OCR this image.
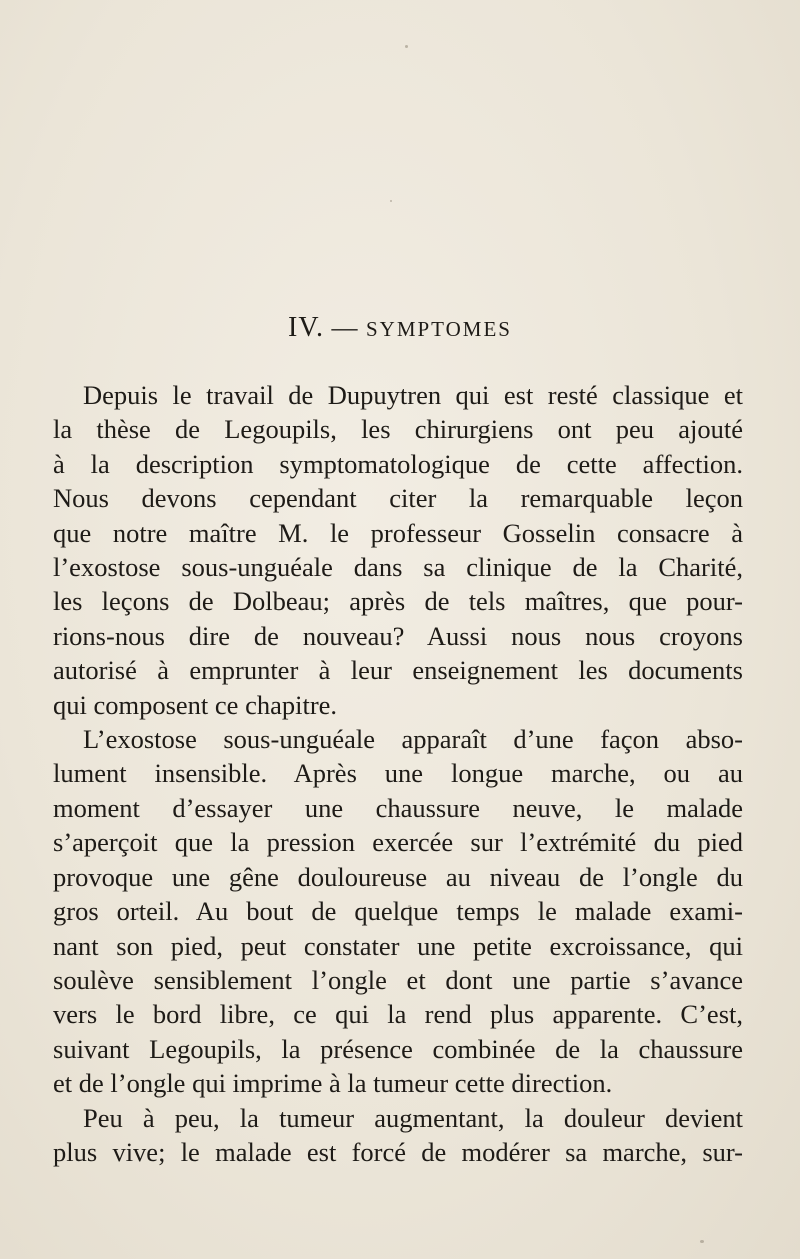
IV. — SYMPTOMES
Depuis le travail de Dupuytren qui est resté classique et
la thèse de Legoupils, les chirurgiens ont peu ajouté
à la description symptomatologique de cette affection.
Nous devons cependant citer la remarquable leçon
que notre maître M. le professeur Gosselin consacre à
l’exostose sous-unguéale dans sa clinique de la Charité,
les leçons de Dolbeau; après de tels maîtres, que pour-
rions-nous dire de nouveau? Aussi nous nous croyons
autorisé à emprunter à leur enseignement les documents
qui composent ce chapitre.
L’exostose sous-unguéale apparaît d’une façon abso-
lument insensible. Après une longue marche, ou au
moment d’essayer une chaussure neuve, le malade
s’aperçoit que la pression exercée sur l’extrémité du pied
provoque une gêne douloureuse au niveau de l’ongle du
gros orteil. Au bout de quelque temps le malade exami-
nant son pied, peut constater une petite excroissance, qui
soulève sensiblement l’ongle et dont une partie s’avance
vers le bord libre, ce qui la rend plus apparente. C’est,
suivant Legoupils, la présence combinée de la chaussure
et de l’ongle qui imprime à la tumeur cette direction.
Peu à peu, la tumeur augmentant, la douleur devient
plus vive; le malade est forcé de modérer sa marche, sur-
